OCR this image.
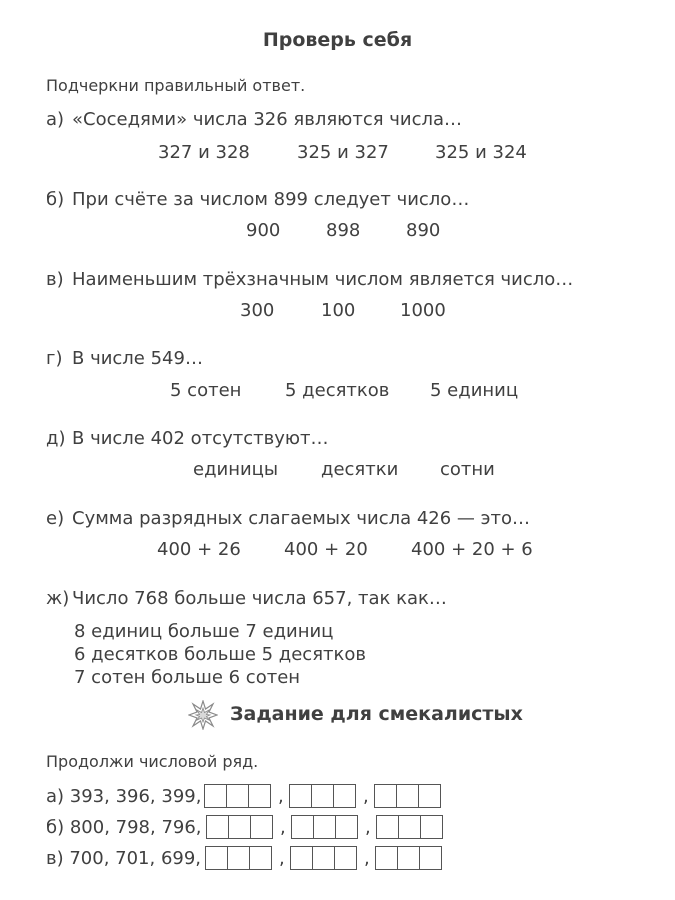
Проверь себя
Подчеркни правильный ответ.
а) «Соседями» числа 326 являются числа…
327 и 328	325 и 327	325 и 324
б) При счёте за числом 899 следует число…
900	898	890
в) Наименьшим трёхзначным числом является число…
300	100 1000
г) В числе 549…
5 сотен 5 десятков 5 единиц
д) В числе 402 отсутствуют…
единицы десятки сотни
е) Сумма разрядных слагаемых числа 426 — это…
400 + 26 400 + 20 400 + 20 + 6
ж) Число 768 больше числа 657, так как…
8 единиц больше 7 единиц
6 десятков больше 5 десятков
7 сотен больше 6 сотен
Задание для смекалистых
Продолжи числовой ряд.
а) 393, 396, 399,	,	,
б) 800, 798, 796,	,	,
в) 700, 701, 699,	,	,
